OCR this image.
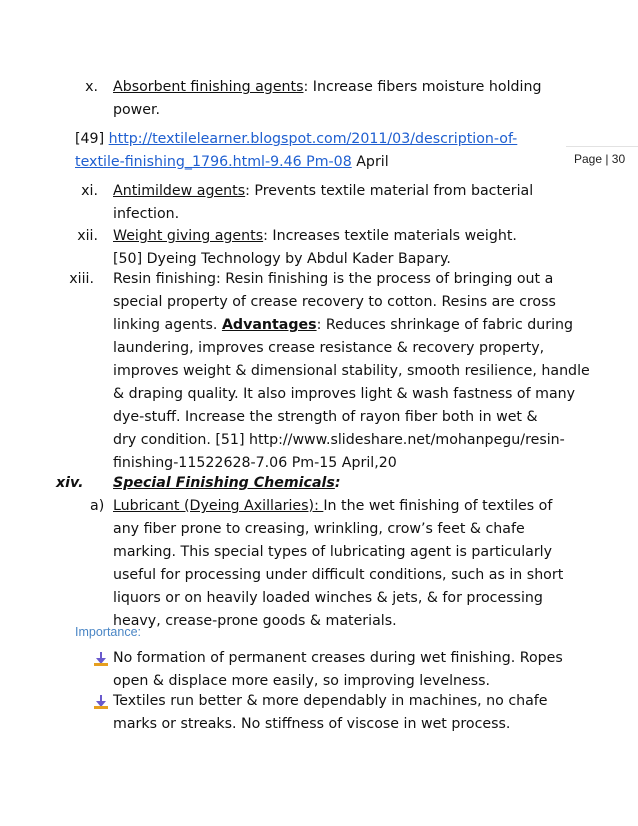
Page | 30
x. Absorbent finishing agents: Increase fibers moisture holding
power.
[49] http://textilelearner.blogspot.com/2011/03/description-of-
textile-finishing_1796.html-9.46 Pm-08 April
xi. Antimildew agents: Prevents textile material from bacterial
infection.
xii. Weight giving agents: Increases textile materials weight.
[50] Dyeing Technology by Abdul Kader Bapary.
xiii. Resin finishing: Resin finishing is the process of bringing out a
special property of crease recovery to cotton. Resins are cross
linking agents. Advantages: Reduces shrinkage of fabric during
laundering, improves crease resistance & recovery property,
improves weight & dimensional stability, smooth resilience, handle
& draping quality. It also improves light & wash fastness of many
dye-stuff. Increase the strength of rayon fiber both in wet &
dry condition. [51] http://www.slideshare.net/mohanpegu/resin-
finishing-11522628-7.06 Pm-15 April,20
xiv. Special Finishing Chemicals:
a) Lubricant (Dyeing Axillaries): In the wet finishing of textiles of
any fiber prone to creasing, wrinkling, crow’s feet & chafe
marking. This special types of lubricating agent is particularly
useful for processing under difficult conditions, such as in short
liquors or on heavily loaded winches & jets, & for processing
heavy, crease-prone goods & materials.
Importance:
No formation of permanent creases during wet finishing. Ropes
open & displace more easily, so improving levelness.
Textiles run better & more dependably in machines, no chafe
marks or streaks. No stiffness of viscose in wet process.
